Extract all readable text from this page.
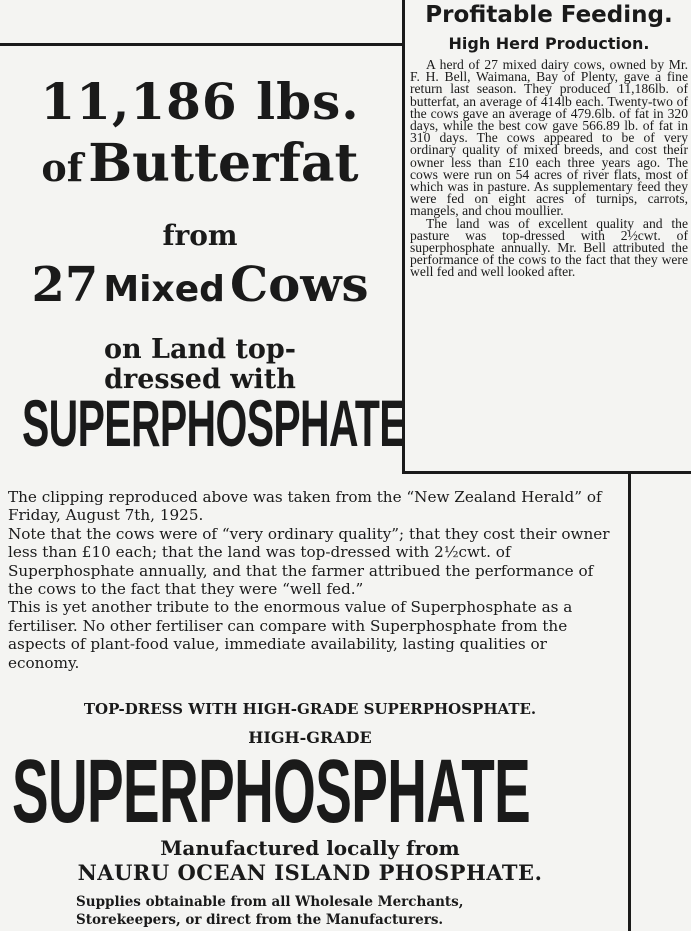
Profitable Feeding.
High Herd Production.

A herd of 27 mixed dairy cows, owned by Mr. F. H. Bell, Waimana, Bay of Plenty, gave a fine return last season. They produced 11,186lb. of butterfat, an average of 414lb each. Twenty-two of the cows gave an average of 479.6lb. of fat in 320 days, while the best cow gave 566.89 lb. of fat in 310 days. The cows appeared to be of very ordinary quality of mixed breeds, and cost their owner less than £10 each three years ago. The cows were run on 54 acres of river flats, most of which was in pasture. As supplementary feed they were fed on eight acres of turnips, carrots, mangels, and chou moullier.

The land was of excellent quality and the pasture was top-dressed with 2½cwt. of superphosphate annually. Mr. Bell attributed the performance of the cows to the fact that they were well fed and well looked after.

11,186 lbs.
of Butterfat
from
27 Mixed Cows
on Land top-
dressed with
SUPERPHOSPHATE

The clipping reproduced above was taken from the “New Zealand Herald” of Friday, August 7th, 1925.

Note that the cows were of “very ordinary quality”; that they cost their owner less than £10 each; that the land was top-dressed with 2½cwt. of Superphosphate annually, and that the farmer attribued the performance of the cows to the fact that they were “well fed.”

This is yet another tribute to the enormous value of Superphosphate as a fertiliser. No other fertiliser can compare with Superphosphate from the aspects of plant-food value, immediate availability, lasting qualities or economy.

TOP-DRESS WITH HIGH-GRADE SUPERPHOSPHATE.
HIGH-GRADE
SUPERPHOSPHATE
Manufactured locally from
NAURU OCEAN ISLAND PHOSPHATE.
Supplies obtainable from all Wholesale Merchants,
Storekeepers, or direct from the Manufacturers.
